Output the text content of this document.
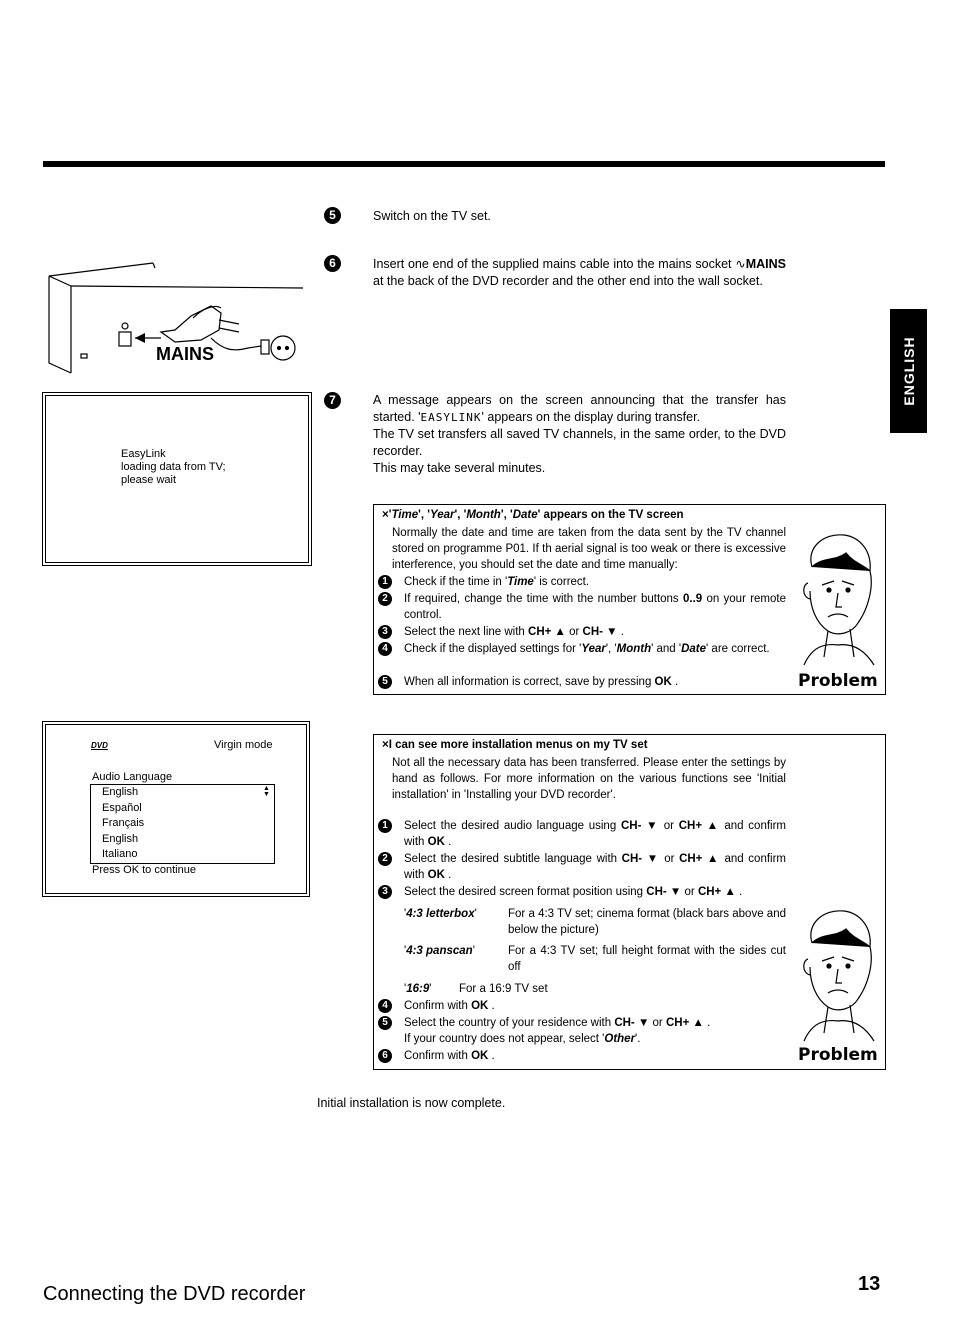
ENGLISH
MAINS
5	Switch on the TV set.
6	Insert one end of the supplied mains cable into the mains socket ∿MAINS at the back of the DVD recorder and the other end into the wall socket.
EasyLink
loading data from TV;
please wait
7	A message appears on the screen announcing that the transfer has started. 'EASYLINK' appears on the display during transfer.
The TV set transfers all saved TV channels, in the same order, to the DVD recorder.
This may take several minutes.
×'Time', 'Year', 'Month', 'Date' appears on the TV screen
Normally the date and time are taken from the data sent by the TV channel stored on programme P01. If th aerial signal is too weak or there is excessive interference, you should set the date and time manually:
1	Check if the time in 'Time' is correct.
2	If required, change the time with the number buttons 0..9 on your remote control.
3	Select the next line with CH+ ▲ or CH- ▼ .
4	Check if the displayed settings for 'Year', 'Month' and 'Date' are correct.
5	When all information is correct, save by pressing OK .	Problem
DVD	Virgin mode
Audio Language
English
Español
Français
English
Italiano
▲
▼
Press OK to continue
×I can see more installation menus on my TV set
Not all the necessary data has been transferred. Please enter the settings by hand as follows. For more information on the various functions see 'Initial installation' in 'Installing your DVD recorder'.
1	Select the desired audio language using CH- ▼ or CH+ ▲ and confirm with OK .
2	Select the desired subtitle language with CH- ▼ or CH+ ▲ and confirm with OK .
3	Select the desired screen format position using CH- ▼ or CH+ ▲ .
'4:3 letterbox'	For a 4:3 TV set; cinema format (black bars above and below the picture)
'4:3 panscan'	For a 4:3 TV set; full height format with the sides cut off
'16:9' For a 16:9 TV set
4	Confirm with OK .
5	Select the country of your residence with CH- ▼ or CH+ ▲ .
If your country does not appear, select 'Other'.
6	Confirm with OK .	Problem
Initial installation is now complete.
Connecting the DVD recorder	13
